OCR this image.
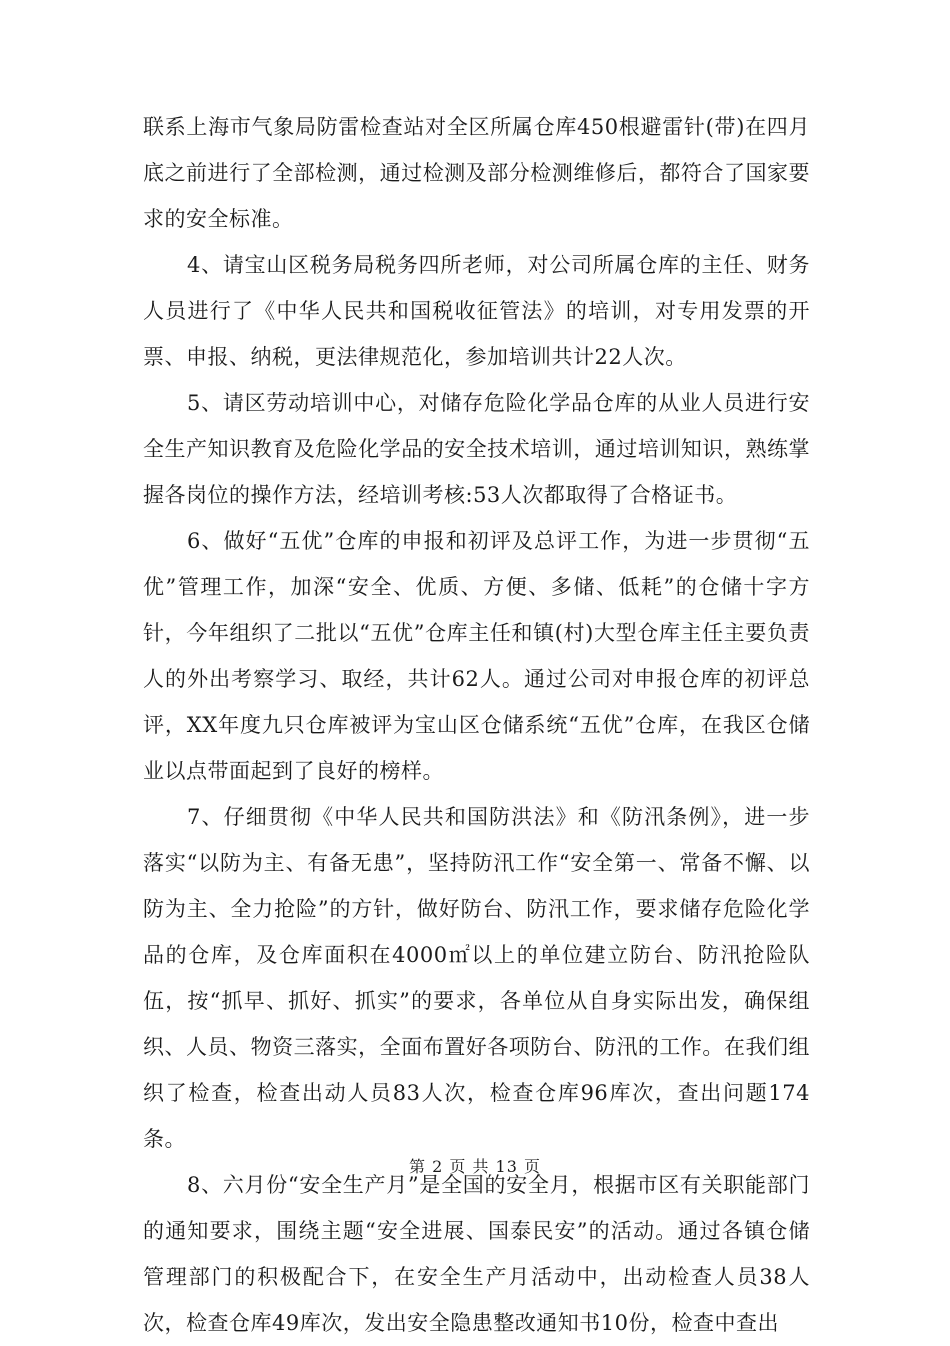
联系上海市气象局防雷检查站对全区所属仓库450根避雷针(带)在四月底之前进行了全部检测，通过检测及部分检测维修后，都符合了国家要求的安全标准。

4、请宝山区税务局税务四所老师，对公司所属仓库的主任、财务人员进行了《中华人民共和国税收征管法》的培训，对专用发票的开票、申报、纳税，更法律规范化，参加培训共计22人次。

5、请区劳动培训中心，对储存危险化学品仓库的从业人员进行安全生产知识教育及危险化学品的安全技术培训，通过培训知识，熟练掌握各岗位的操作方法，经培训考核:53人次都取得了合格证书。

6、做好“五优”仓库的申报和初评及总评工作，为进一步贯彻“五优”管理工作，加深“安全、优质、方便、多储、低耗”的仓储十字方针，今年组织了二批以“五优”仓库主任和镇(村)大型仓库主任主要负责人的外出考察学习、取经，共计62人。通过公司对申报仓库的初评总评，XX年度九只仓库被评为宝山区仓储系统“五优”仓库，在我区仓储业以点带面起到了良好的榜样。

7、仔细贯彻《中华人民共和国防洪法》和《防汛条例》，进一步落实“以防为主、有备无患”，坚持防汛工作“安全第一、常备不懈、以防为主、全力抢险”的方针，做好防台、防汛工作，要求储存危险化学品的仓库，及仓库面积在4000㎡以上的单位建立防台、防汛抢险队伍，按“抓早、抓好、抓实”的要求，各单位从自身实际出发，确保组织、人员、物资三落实，全面布置好各项防台、防汛的工作。在我们组织了检查，检查出动人员83人次，检查仓库96库次，查出问题174条。

8、六月份“安全生产月”是全国的安全月，根据市区有关职能部门的通知要求，围绕主题“安全进展、国泰民安”的活动。通过各镇仓储管理部门的积极配合下，在安全生产月活动中，出动检查人员38人次，检查仓库49库次，发出安全隐患整改通知书10份，检查中查出

第 2 页 共 13 页
